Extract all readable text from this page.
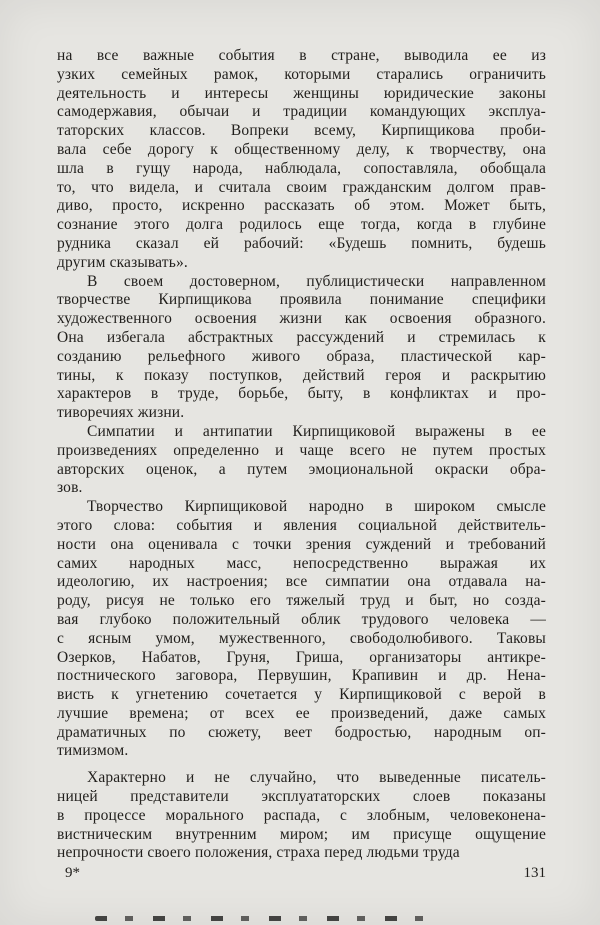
на все важные события в стране, выводила ее из
узких семейных рамок, которыми старались ограничить
деятельность и интересы женщины юридические законы
самодержавия, обычаи и традиции командующих эксплуа-
таторских классов. Вопреки всему, Кирпищикова проби-
вала себе дорогу к общественному делу, к творчеству, она
шла в гущу народа, наблюдала, сопоставляла, обобщала
то, что видела, и считала своим гражданским долгом прав-
диво, просто, искренно рассказать об этом. Может быть,
сознание этого долга родилось еще тогда, когда в глубине
рудника сказал ей рабочий: «Будешь помнить, будешь
другим сказывать».

В своем достоверном, публицистически направленном
творчестве Кирпищикова проявила понимание специфики
художественного освоения жизни как освоения образного.
Она избегала абстрактных рассуждений и стремилась к
созданию рельефного живого образа, пластической кар-
тины, к показу поступков, действий героя и раскрытию
характеров в труде, борьбе, быту, в конфликтах и про-
тиворечиях жизни.

Симпатии и антипатии Кирпищиковой выражены в ее
произведениях определенно и чаще всего не путем простых
авторских оценок, а путем эмоциональной окраски обра-
зов.

Творчество Кирпищиковой народно в широком смысле
этого слова: события и явления социальной действитель-
ности она оценивала с точки зрения суждений и требований
самих народных масс, непосредственно выражая их
идеологию, их настроения; все симпатии она отдавала на-
роду, рисуя не только его тяжелый труд и быт, но созда-
вая глубоко положительный облик трудового человека —
с ясным умом, мужественного, свободолюбивого. Таковы
Озерков, Набатов, Груня, Гриша, организаторы антикре-
постнического заговора, Первушин, Крапивин и др. Нена-
висть к угнетению сочетается у Кирпищиковой с верой в
лучшие времена; от всех ее произведений, даже самых
драматичных по сюжету, веет бодростью, народным оп-
тимизмом.

Характерно и не случайно, что выведенные писатель-
ницей представители эксплуататорских слоев показаны
в процессе морального распада, с злобным, человеконена-
вистническим внутренним миром; им присуще ощущение
непрочности своего положения, страха перед людьми труда

9*	131
